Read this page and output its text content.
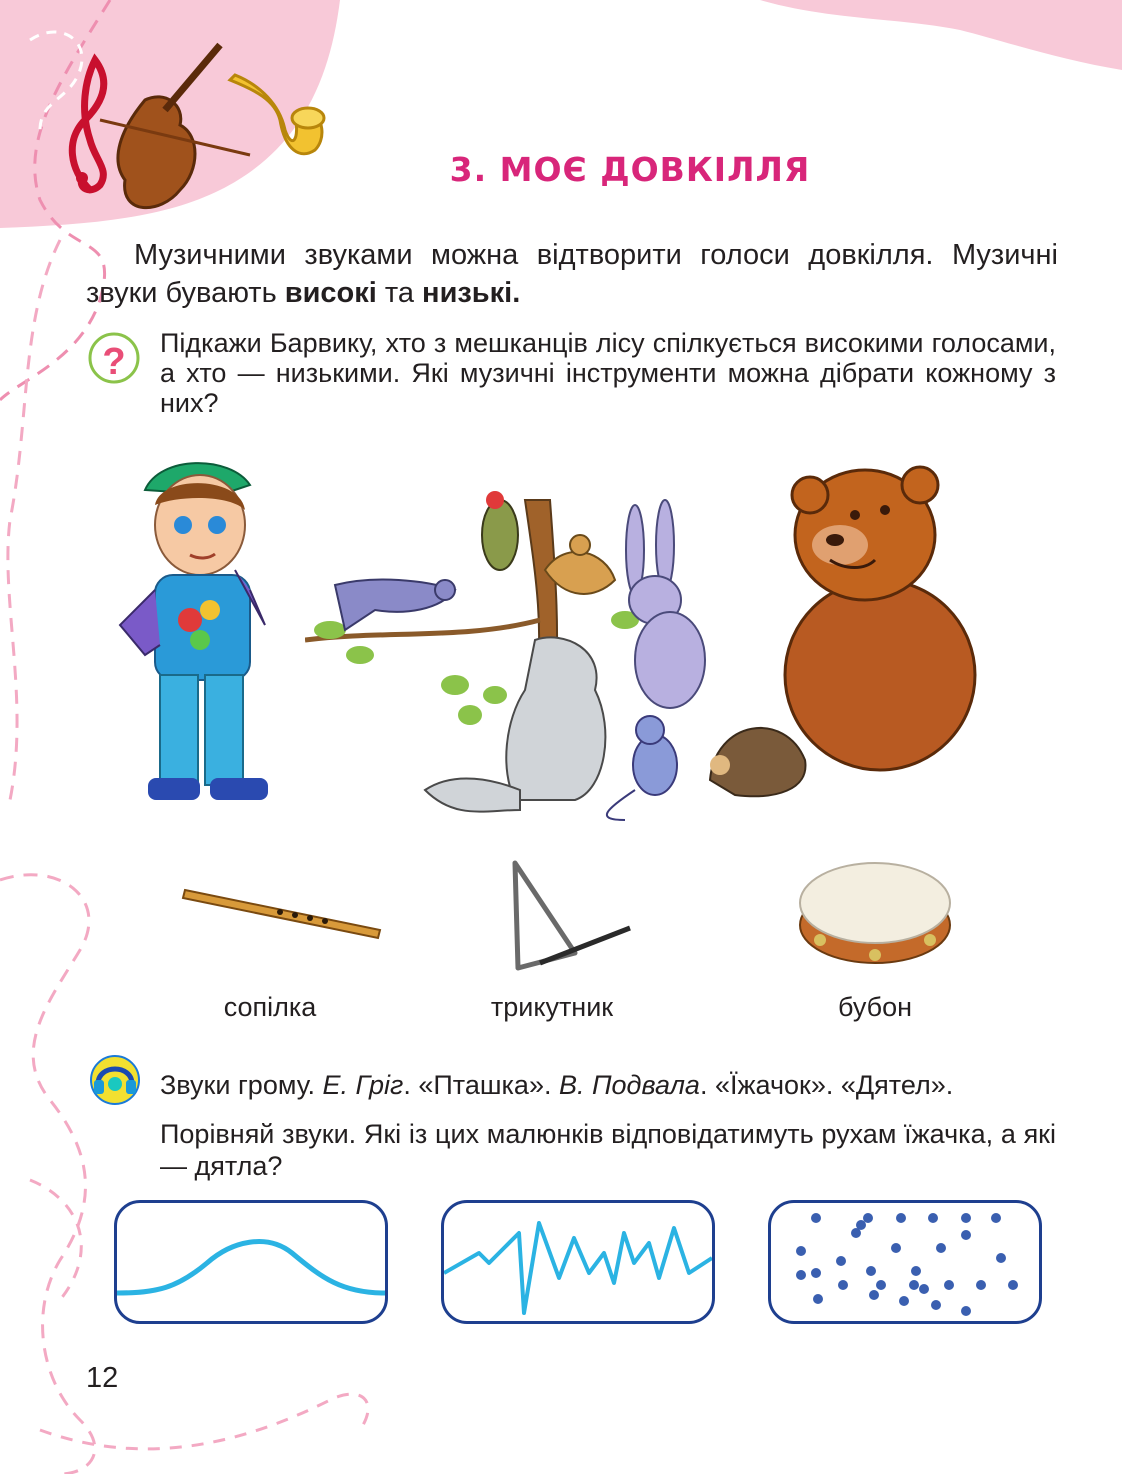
3. МОЄ ДОВКІЛЛЯ
Музичними звуками можна відтворити голоси довкілля. Музичні звуки бувають високі та низькі.
? Підкажи Барвику, хто з мешканців лісу спілкується високими голосами, а хто — низькими. Які музичні інструменти можна дібрати кожному з них?
сопілка	трикутник	бубон
Звуки грому. Е. Гріг. «Пташка». В. Подвала. «Їжачок». «Дятел».
Порівняй звуки. Які із цих малюнків відповідатимуть рухам їжачка, а які — дятла?
12
